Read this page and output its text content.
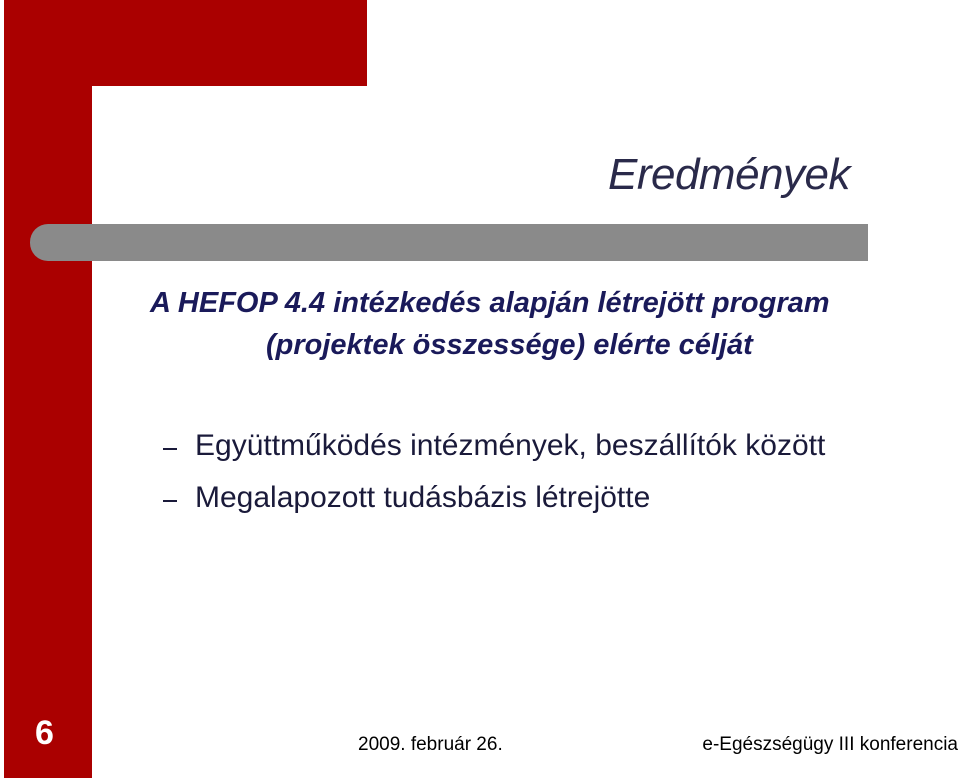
Eredmények

A HEFOP 4.4 intézkedés alapján létrejött program
(projektek összessége) elérte célját

Együttműködés intézmények, beszállítók között
Megalapozott tudásbázis létrejötte
6	2009. február 26.	e-Egészségügy III konferencia
